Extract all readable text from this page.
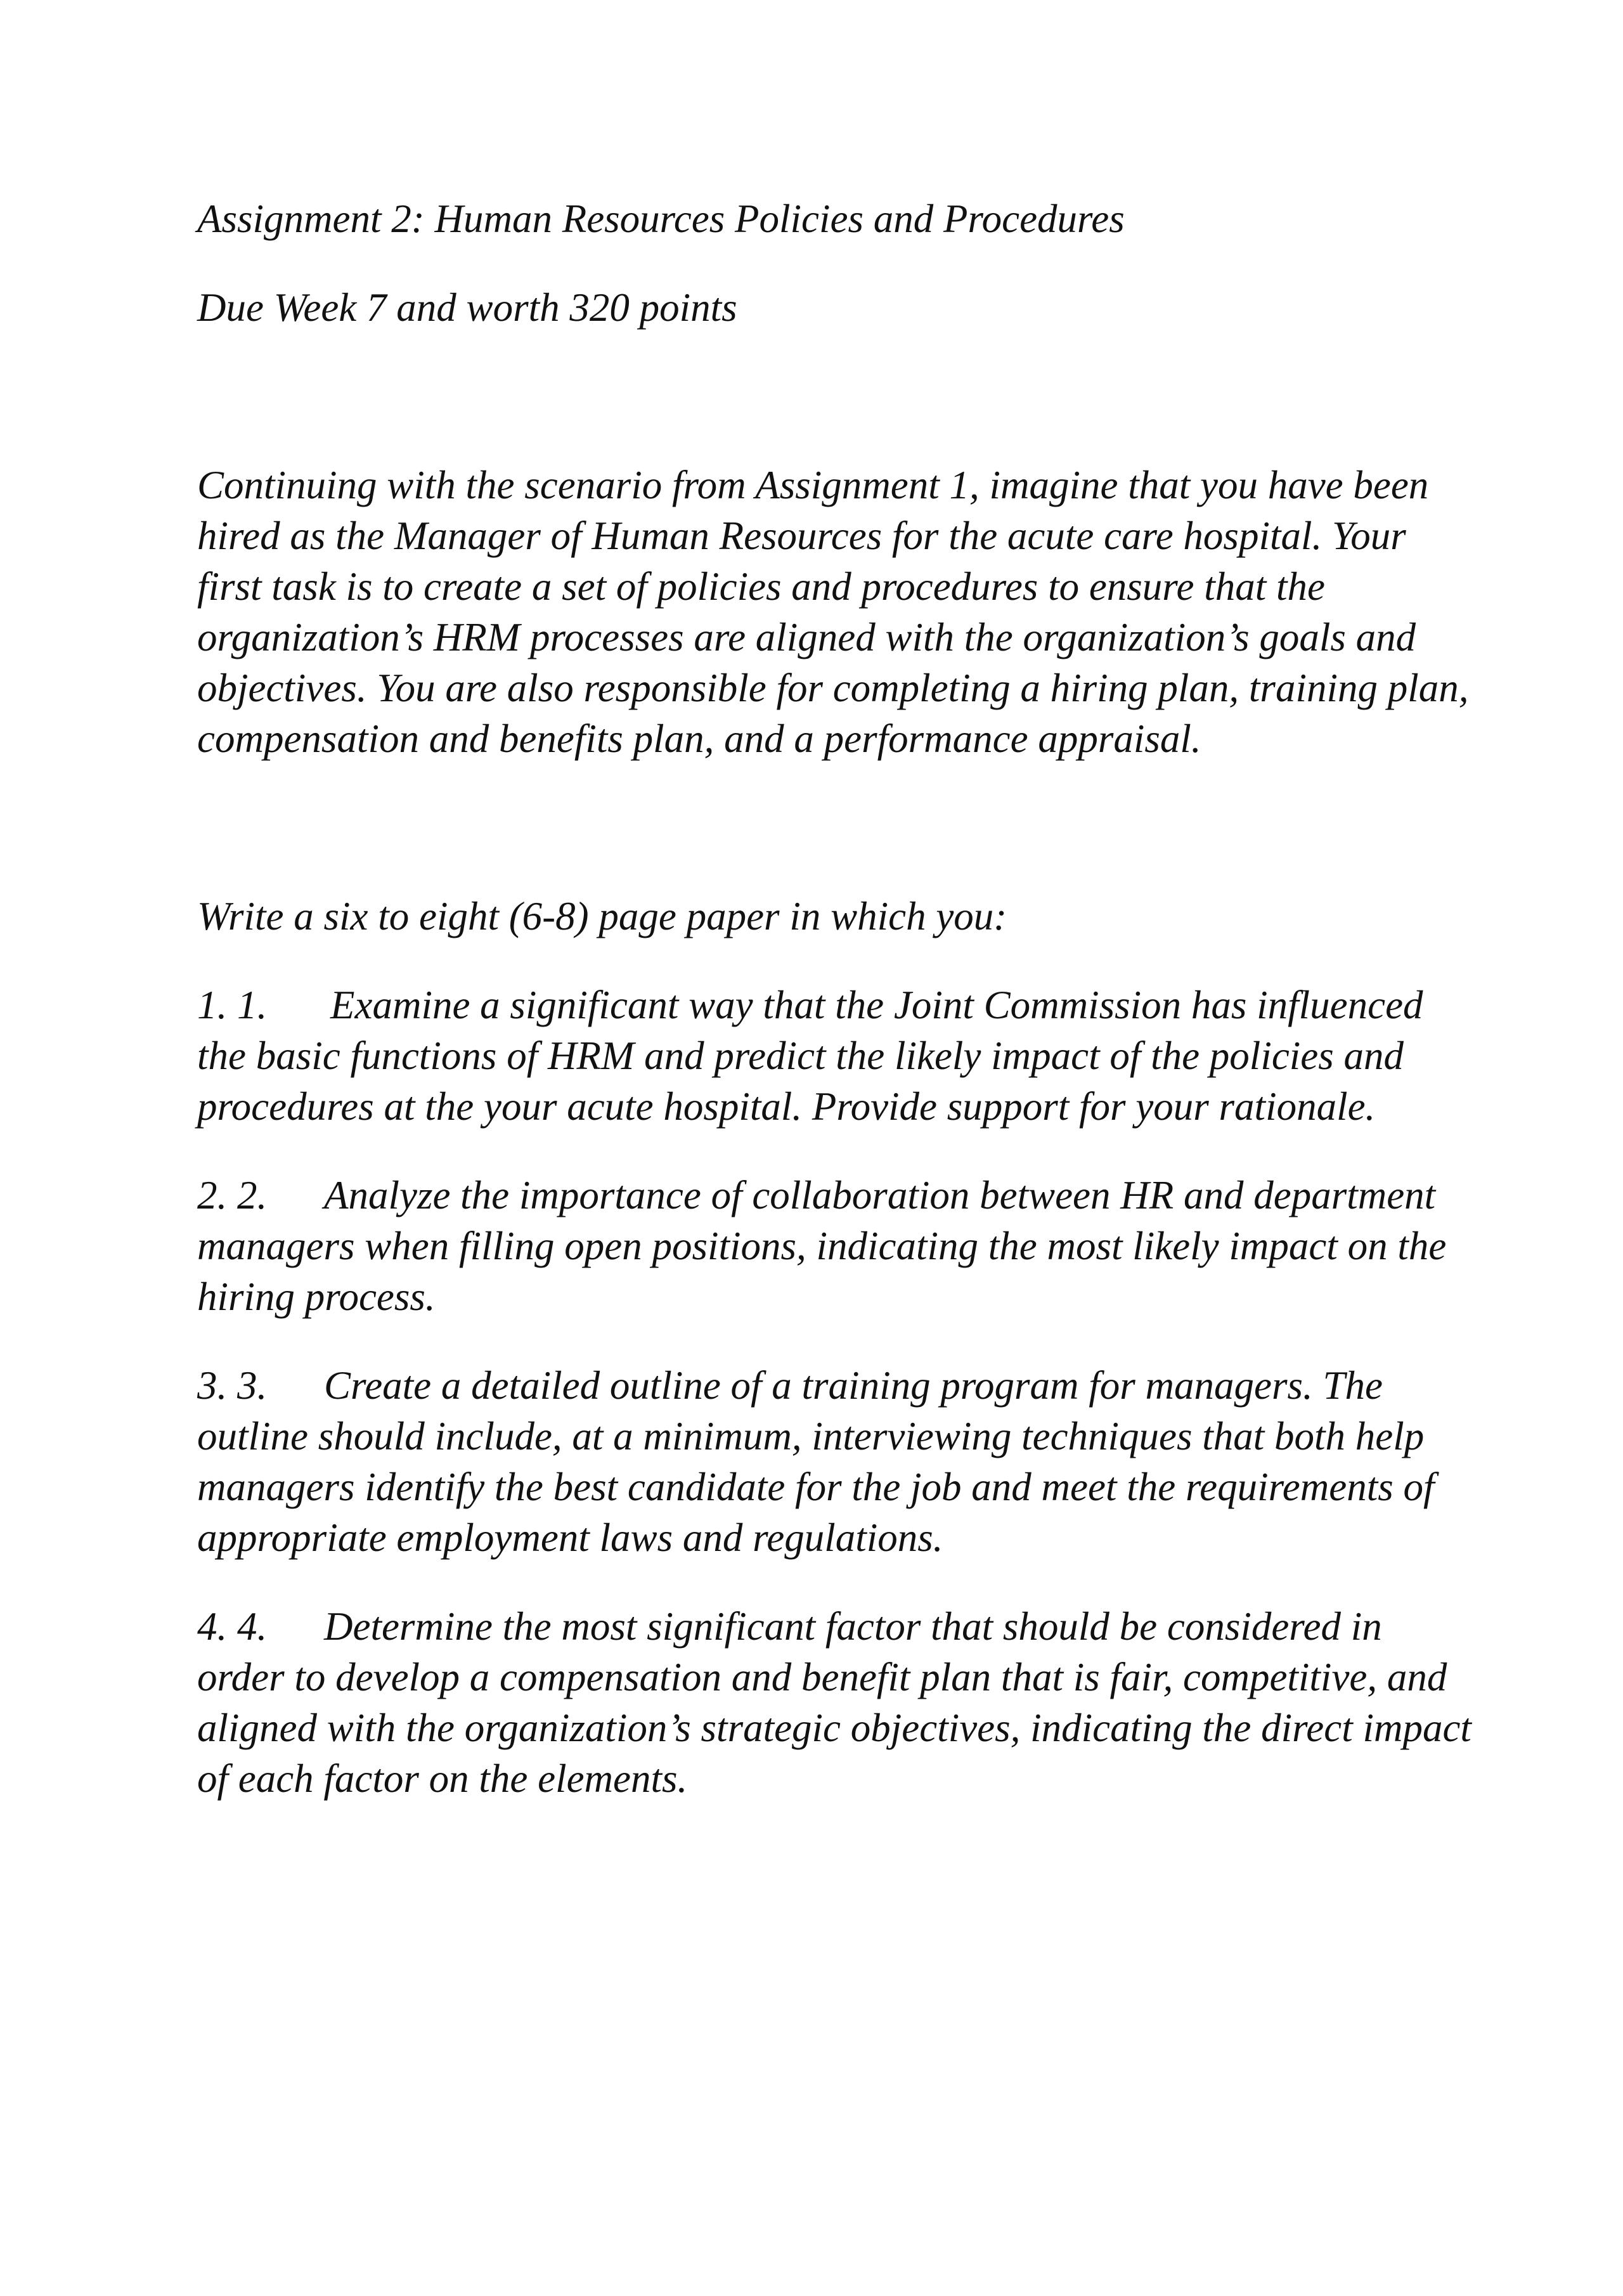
Assignment 2: Human Resources Policies and Procedures

Due Week 7 and worth 320 points

Continuing with the scenario from Assignment 1, imagine that you have been hired as the Manager of Human Resources for the acute care hospital. Your first task is to create a set of policies and procedures to ensure that the organization’s HRM processes are aligned with the organization’s goals and objectives. You are also responsible for completing a hiring plan, training plan, compensation and benefits plan, and a performance appraisal.

Write a six to eight (6-8) page paper in which you:

1. 1. Examine a significant way that the Joint Commission has influenced the basic functions of HRM and predict the likely impact of the policies and procedures at the your acute hospital. Provide support for your rationale.

2. 2. Analyze the importance of collaboration between HR and department managers when filling open positions, indicating the most likely impact on the hiring process.

3. 3. Create a detailed outline of a training program for managers. The outline should include, at a minimum, interviewing techniques that both help managers identify the best candidate for the job and meet the requirements of appropriate employment laws and regulations.

4. 4. Determine the most significant factor that should be considered in order to develop a compensation and benefit plan that is fair, competitive, and aligned with the organization’s strategic objectives, indicating the direct impact of each factor on the elements.
